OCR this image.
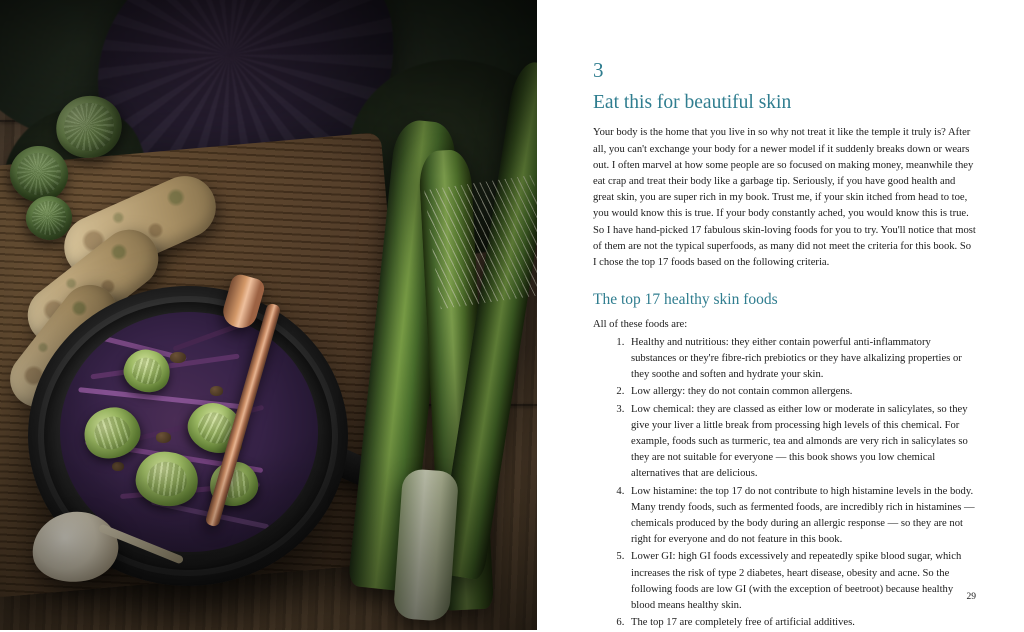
3
Eat this for beautiful skin

Your body is the home that you live in so why not treat it like the temple it truly is? After all, you can't exchange your body for a newer model if it suddenly breaks down or wears out. I often marvel at how some people are so focused on making money, meanwhile they eat crap and treat their body like a garbage tip. Seriously, if you have good health and great skin, you are super rich in my book. Trust me, if your skin itched from head to toe, you would know this is true. If your body constantly ached, you would know this is true. So I have hand-picked 17 fabulous skin-loving foods for you to try. You'll notice that most of them are not the typical superfoods, as many did not meet the criteria for this book. So I chose the top 17 foods based on the following criteria.

The top 17 healthy skin foods

All of these foods are:

1. Healthy and nutritious: they either contain powerful anti-inflammatory substances or they're fibre-rich prebiotics or they have alkalizing properties or they soothe and soften and hydrate your skin.
2. Low allergy: they do not contain common allergens.
3. Low chemical: they are classed as either low or moderate in salicylates, so they give your liver a little break from processing high levels of this chemical. For example, foods such as turmeric, tea and almonds are very rich in salicylates so they are not suitable for everyone — this book shows you low chemical alternatives that are delicious.
4. Low histamine: the top 17 do not contribute to high histamine levels in the body. Many trendy foods, such as fermented foods, are incredibly rich in histamines — chemicals produced by the body during an allergic response — so they are not right for everyone and do not feature in this book.
5. Lower GI: high GI foods excessively and repeatedly spike blood sugar, which increases the risk of type 2 diabetes, heart disease, obesity and acne. So the following foods are low GI (with the exception of beetroot) because healthy blood means healthy skin.
6. The top 17 are completely free of artificial additives.
29
